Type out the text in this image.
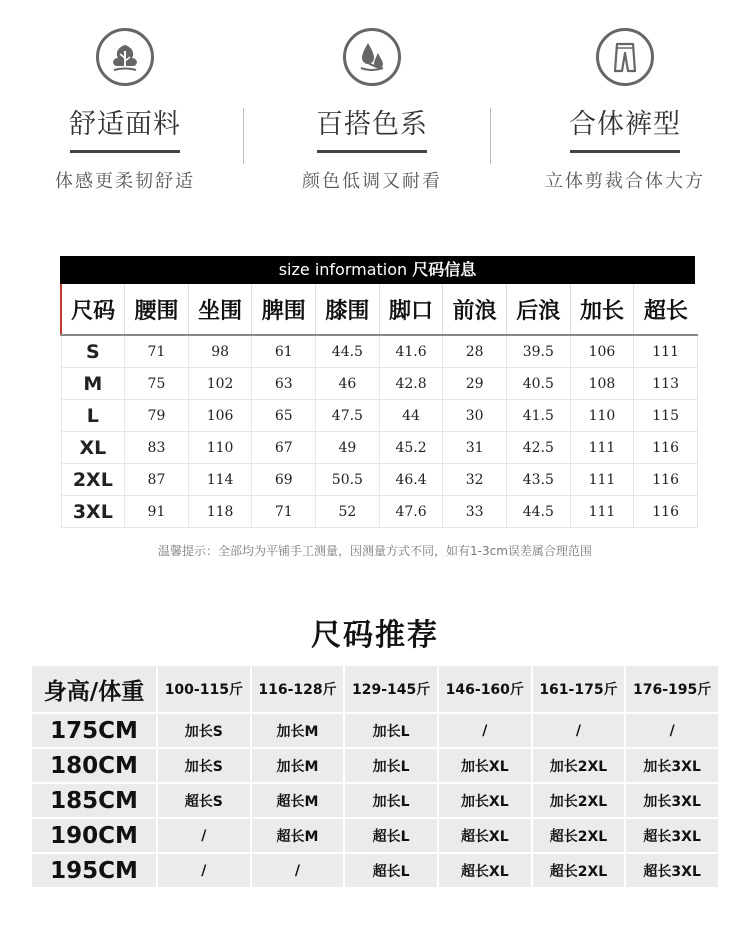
舒适面料
体感更柔韧舒适
百搭色系
颜色低调又耐看
合体裤型
立体剪裁合体大方
size information 尺码信息
尺码	腰围	坐围	脾围	膝围	脚口	前浪	后浪	加长	超长
S	71	98	61	44.5	41.6	28	39.5	106	111
M	75	102	63	46	42.8	29	40.5	108	113
L	79	106	65	47.5	44	30	41.5	110	115
XL	83	110	67	49	45.2	31	42.5	111	116
2XL	87	114	69	50.5	46.4	32	43.5	111	116
3XL	91	118	71	52	47.6	33	44.5	111	116
温馨提示：全部均为平铺手工测量，因测量方式不同，如有1-3cm误差属合理范围
尺码推荐
身高/体重	100-115斤	116-128斤	129-145斤	146-160斤	161-175斤	176-195斤
175CM	加长S	加长M	加长L	/	/	/
180CM	加长S	加长M	加长L	加长XL	加长2XL	加长3XL
185CM	超长S	超长M	加长L	加长XL	加长2XL	加长3XL
190CM	/	超长M	超长L	超长XL	超长2XL	超长3XL
195CM	/	/	超长L	超长XL	超长2XL	超长3XL
